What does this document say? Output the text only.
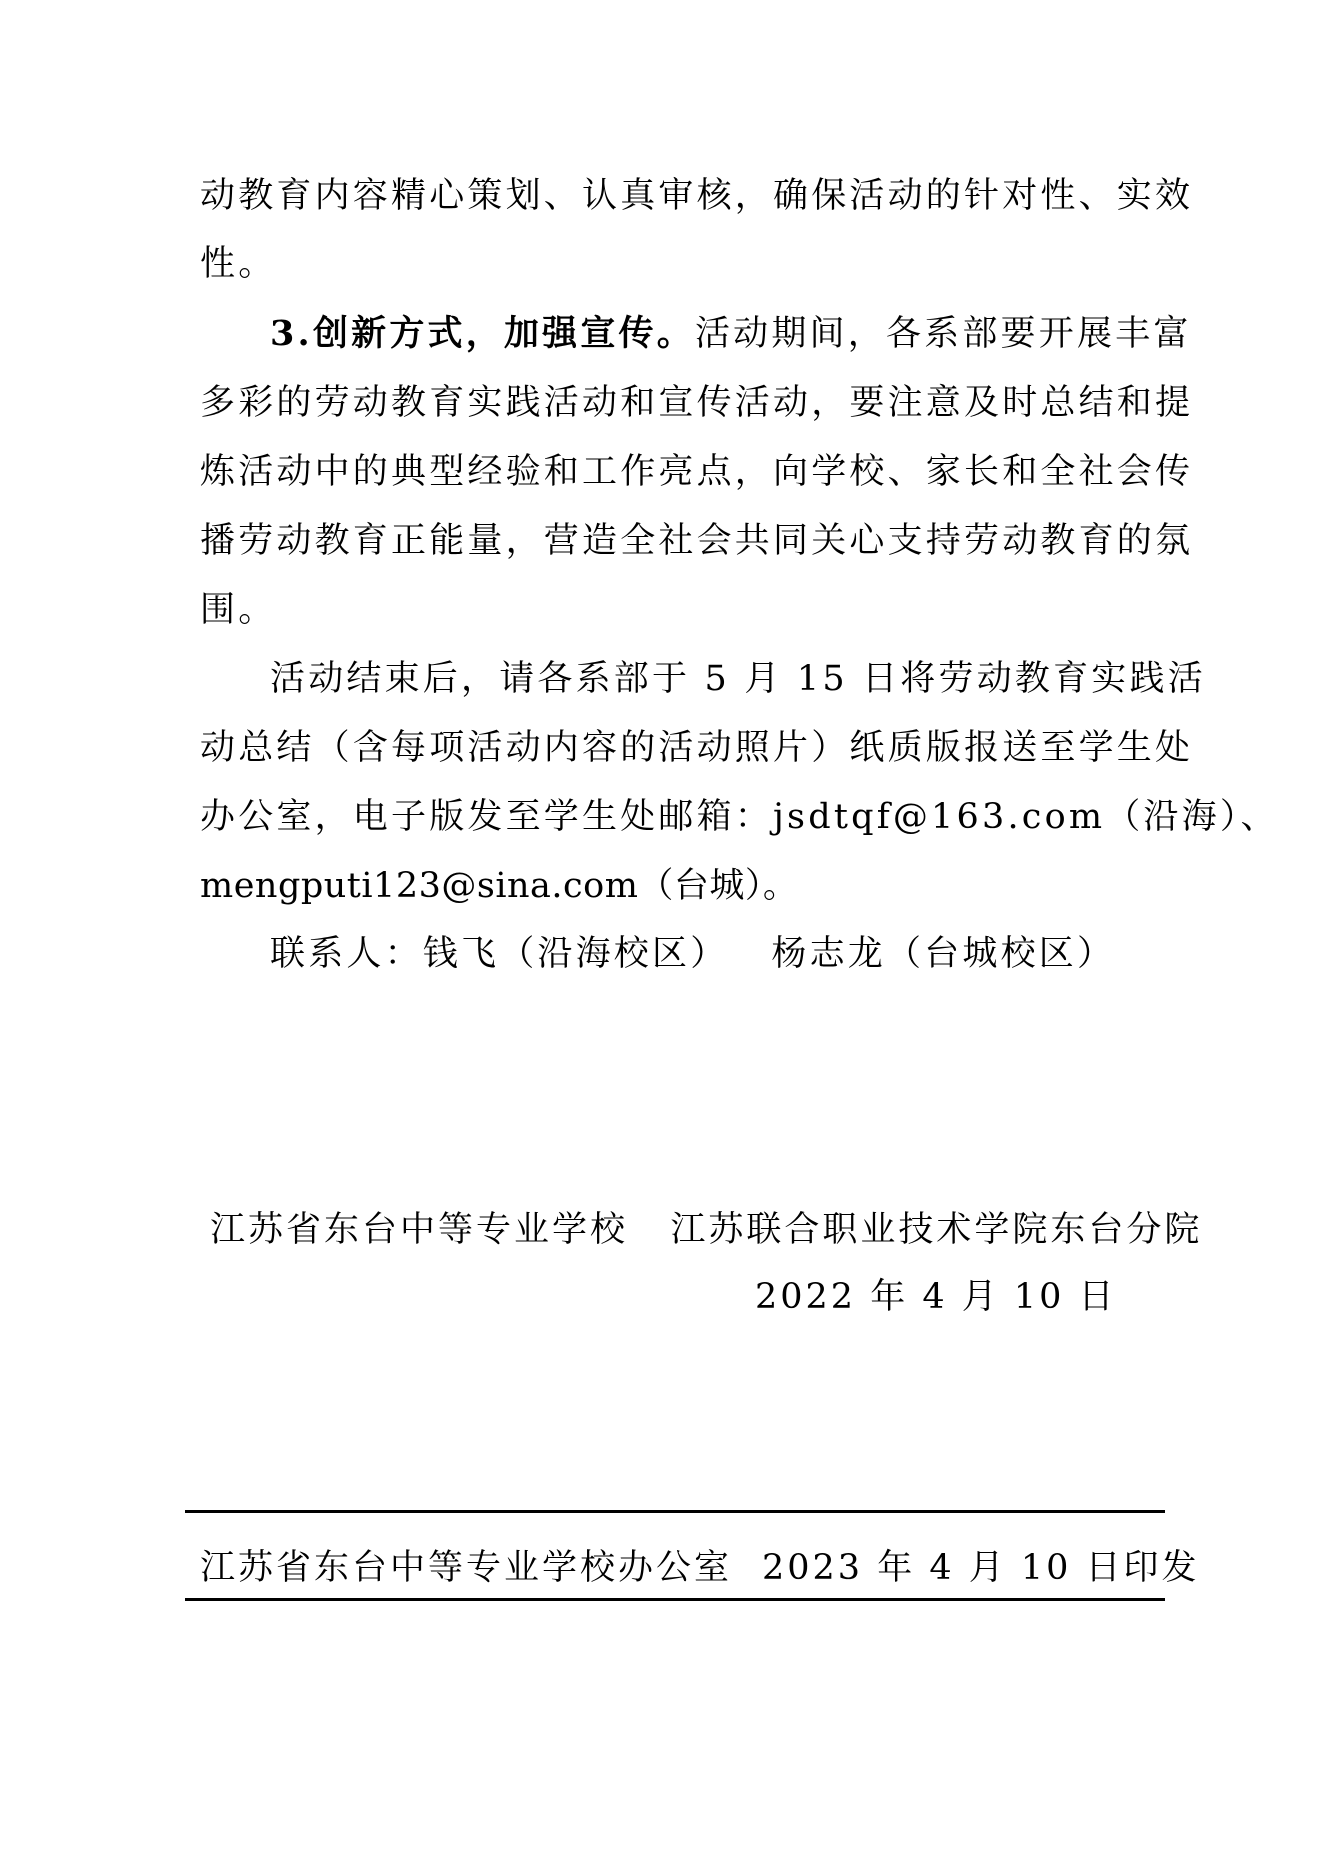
动教育内容精心策划、认真审核，确保活动的针对性、实效
性。
3.创新方式，加强宣传。活动期间，各系部要开展丰富
多彩的劳动教育实践活动和宣传活动，要注意及时总结和提
炼活动中的典型经验和工作亮点，向学校、家长和全社会传
播劳动教育正能量，营造全社会共同关心支持劳动教育的氛
围。
活动结束后，请各系部于 5 月 15 日将劳动教育实践活
动总结（含每项活动内容的活动照片）纸质版报送至学生处
办公室，电子版发至学生处邮箱：jsdtqf@163.com（沿海）、
mengputi123@sina.com（台城）。
联系人：钱飞（沿海校区）   杨志龙（台城校区）
江苏省东台中等专业学校   江苏联合职业技术学院东台分院
2022 年 4 月 10 日
江苏省东台中等专业学校办公室 2023 年 4 月 10 日印发
